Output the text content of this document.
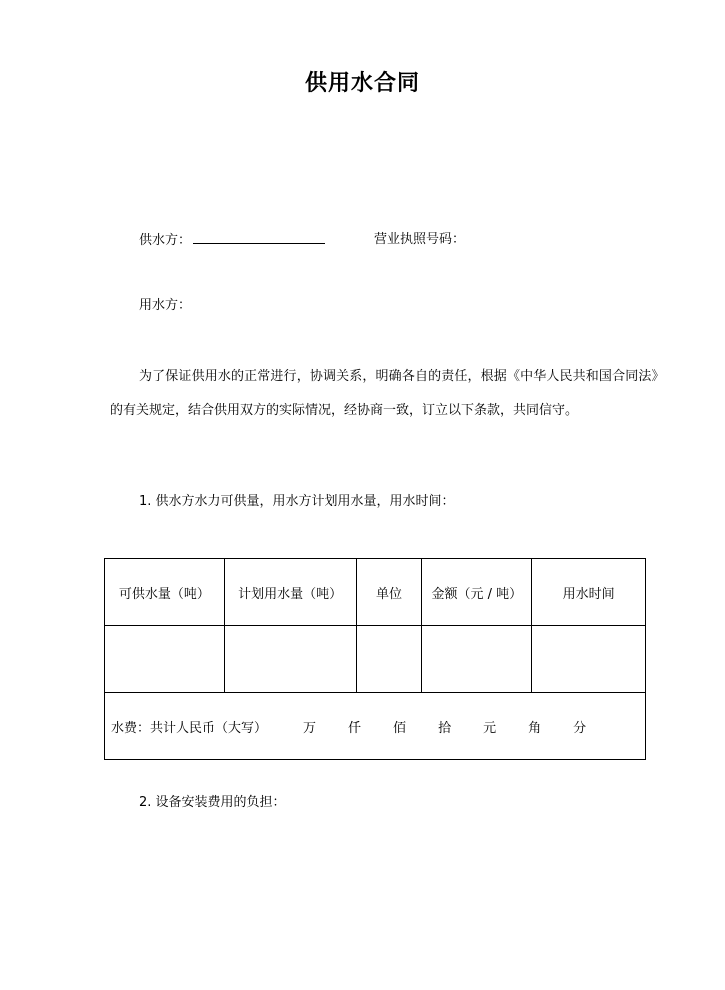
供用水合同
供水方：	营业执照号码：
用水方：
为了保证供用水的正常进行，协调关系，明确各自的责任，根据《中华人民共和国合同法》的有关规定，结合供用双方的实际情况，经协商一致，订立以下条款，共同信守。
1. 供水方水力可供量，用水方计划用水量，用水时间：
可供水量（吨）	计划用水量（吨）	单位	金额（元 / 吨）	用水时间

水费：共计人民币（大写） 万 仟 佰 拾 元 角 分				
2. 设备安装费用的负担：
